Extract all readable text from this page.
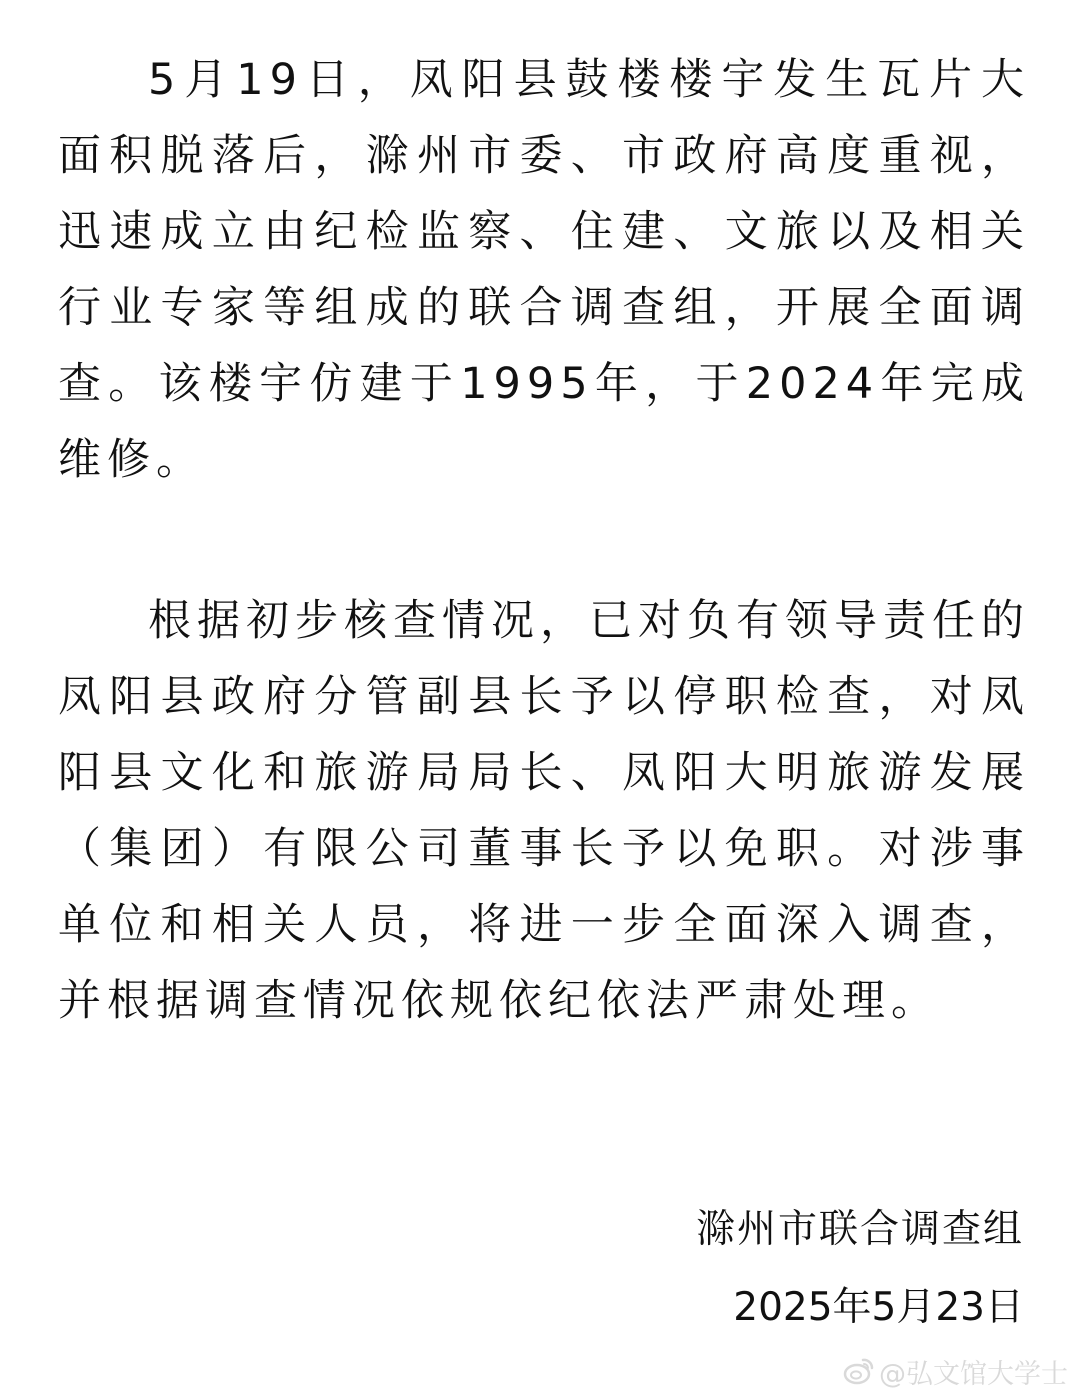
5月19日，凤阳县鼓楼楼宇发生瓦片大面积脱落后，滁州市委、市政府高度重视，迅速成立由纪检监察、住建、文旅以及相关行业专家等组成的联合调查组，开展全面调查。该楼宇仿建于1995年，于2024年完成维修。

根据初步核查情况，已对负有领导责任的凤阳县政府分管副县长予以停职检查，对凤阳县文化和旅游局局长、凤阳大明旅游发展（集团）有限公司董事长予以免职。对涉事单位和相关人员，将进一步全面深入调查，并根据调查情况依规依纪依法严肃处理。

滁州市联合调查组
2025年5月23日
@弘文馆大学士
